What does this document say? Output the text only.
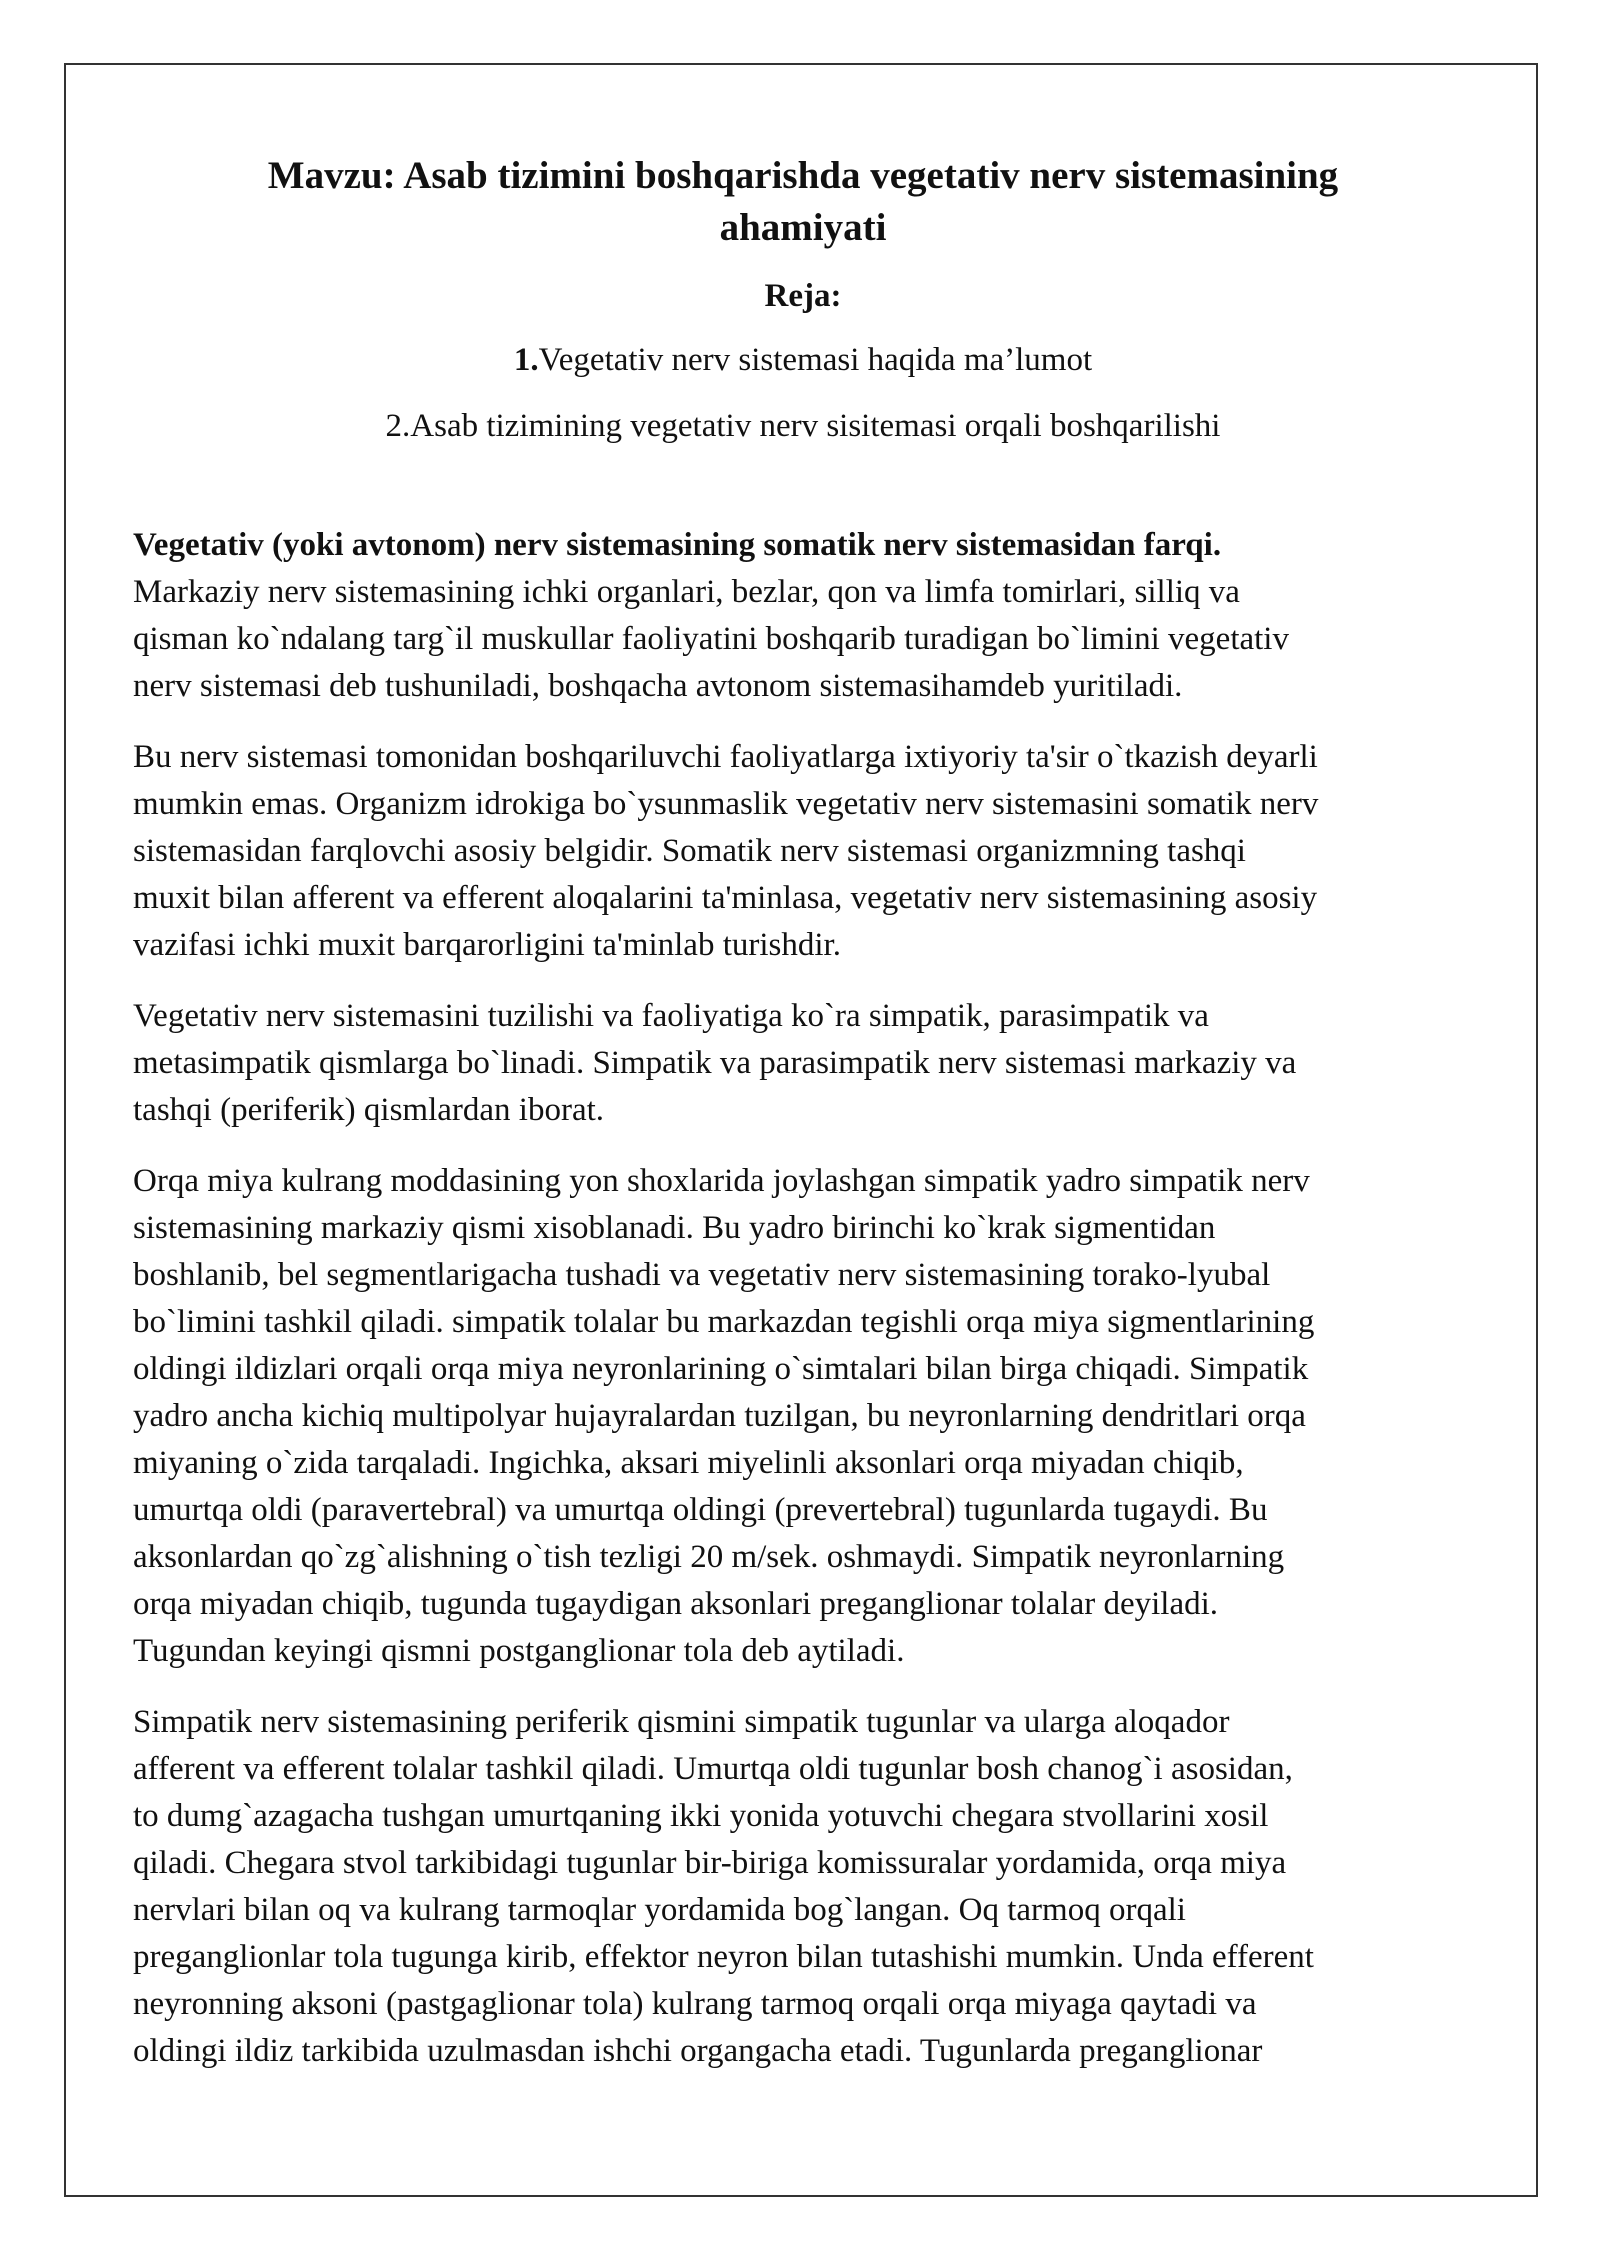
Mavzu: Asab tizimini boshqarishda vegetativ nerv sistemasining
ahamiyati
Reja:
1.Vegetativ nerv sistemasi haqida ma’lumot
2.Asab tizimining vegetativ nerv sisitemasi orqali boshqarilishi
Vegetativ (yoki avtonom) nerv sistemasining somatik nerv sistemasidan farqi.
Markaziy nerv sistemasining ichki organlari, bezlar, qon va limfa tomirlari, silliq va
qisman ko`ndalang targ`il muskullar faoliyatini boshqarib turadigan bo`limini vegetativ
nerv sistemasi deb tushuniladi, boshqacha avtonom sistemasihamdeb yuritiladi.
Bu nerv sistemasi tomonidan boshqariluvchi faoliyatlarga ixtiyoriy ta'sir o`tkazish deyarli
mumkin emas. Organizm idrokiga bo`ysunmaslik vegetativ nerv sistemasini somatik nerv
sistemasidan farqlovchi asosiy belgidir. Somatik nerv sistemasi organizmning tashqi
muxit bilan afferent va efferent aloqalarini ta'minlasa, vegetativ nerv sistemasining asosiy
vazifasi ichki muxit barqarorligini ta'minlab turishdir.
Vegetativ nerv sistemasini tuzilishi va faoliyatiga ko`ra simpatik, parasimpatik va
metasimpatik qismlarga bo`linadi. Simpatik va parasimpatik nerv sistemasi markaziy va
tashqi (periferik) qismlardan iborat.
Orqa miya kulrang moddasining yon shoxlarida joylashgan simpatik yadro simpatik nerv
sistemasining markaziy qismi xisoblanadi. Bu yadro birinchi ko`krak sigmentidan
boshlanib, bel segmentlarigacha tushadi va vegetativ nerv sistemasining torako-lyubal
bo`limini tashkil qiladi. simpatik tolalar bu markazdan tegishli orqa miya sigmentlarining
oldingi ildizlari orqali orqa miya neyronlarining o`simtalari bilan birga chiqadi. Simpatik
yadro ancha kichiq multipolyar hujayralardan tuzilgan, bu neyronlarning dendritlari orqa
miyaning o`zida tarqaladi. Ingichka, aksari miyelinli aksonlari orqa miyadan chiqib,
umurtqa oldi (paravertebral) va umurtqa oldingi (prevertebral) tugunlarda tugaydi. Bu
aksonlardan qo`zg`alishning o`tish tezligi 20 m/sek. oshmaydi. Simpatik neyronlarning
orqa miyadan chiqib, tugunda tugaydigan aksonlari preganglionar tolalar deyiladi.
Tugundan keyingi qismni postganglionar tola deb aytiladi.
Simpatik nerv sistemasining periferik qismini simpatik tugunlar va ularga aloqador
afferent va efferent tolalar tashkil qiladi. Umurtqa oldi tugunlar bosh chanog`i asosidan,
to dumg`azagacha tushgan umurtqaning ikki yonida yotuvchi chegara stvollarini xosil
qiladi. Chegara stvol tarkibidagi tugunlar bir-biriga komissuralar yordamida, orqa miya
nervlari bilan oq va kulrang tarmoqlar yordamida bog`langan. Oq tarmoq orqali
preganglionlar tola tugunga kirib, effektor neyron bilan tutashishi mumkin. Unda efferent
neyronning aksoni (pastgaglionar tola) kulrang tarmoq orqali orqa miyaga qaytadi va
oldingi ildiz tarkibida uzulmasdan ishchi organgacha etadi. Tugunlarda preganglionar
